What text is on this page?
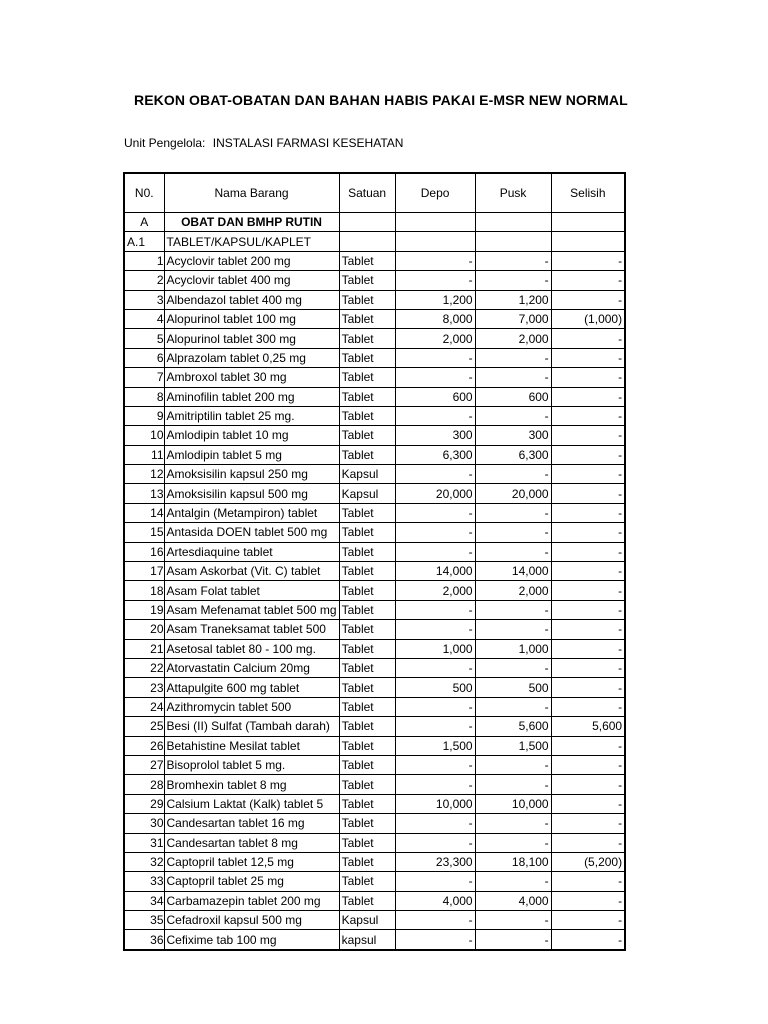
REKON OBAT-OBATAN DAN BAHAN HABIS PAKAI E-MSR NEW NORMAL
Unit Pengelola: INSTALASI FARMASI KESEHATAN
N0.	Nama Barang	Satuan	Depo	Pusk	Selisih
A	OBAT DAN BMHP RUTIN				
A.1	TABLET/KAPSUL/KAPLET				
1	Acyclovir tablet 200 mg	Tablet	-	-	-
2	Acyclovir tablet 400 mg	Tablet	-	-	-
3	Albendazol tablet 400 mg	Tablet	1,200	1,200	-
4	Alopurinol tablet 100 mg	Tablet	8,000	7,000	(1,000)
5	Alopurinol tablet 300 mg	Tablet	2,000	2,000	-
6	Alprazolam tablet 0,25 mg	Tablet	-	-	-
7	Ambroxol tablet 30 mg	Tablet	-	-	-
8	Aminofilin tablet 200 mg	Tablet	600	600	-
9	Amitriptilin tablet 25 mg.	Tablet	-	-	-
10	Amlodipin tablet 10 mg	Tablet	300	300	-
11	Amlodipin tablet 5 mg	Tablet	6,300	6,300	-
12	Amoksisilin kapsul 250 mg	Kapsul	-	-	-
13	Amoksisilin kapsul 500 mg	Kapsul	20,000	20,000	-
14	Antalgin (Metampiron) tablet	Tablet	-	-	-
15	Antasida DOEN tablet 500 mg	Tablet	-	-	-
16	Artesdiaquine tablet	Tablet	-	-	-
17	Asam Askorbat (Vit. C) tablet	Tablet	14,000	14,000	-
18	Asam Folat tablet	Tablet	2,000	2,000	-
19	Asam Mefenamat tablet 500 mg	Tablet	-	-	-
20	Asam Traneksamat tablet 500	Tablet	-	-	-
21	Asetosal tablet 80 - 100 mg.	Tablet	1,000	1,000	-
22	Atorvastatin Calcium 20mg	Tablet	-	-	-
23	Attapulgite 600 mg tablet	Tablet	500	500	-
24	Azithromycin tablet 500	Tablet	-	-	-
25	Besi (II) Sulfat (Tambah darah)	Tablet	-	5,600	5,600
26	Betahistine Mesilat tablet	Tablet	1,500	1,500	-
27	Bisoprolol tablet 5 mg.	Tablet	-	-	-
28	Bromhexin tablet 8 mg	Tablet	-	-	-
29	Calsium Laktat (Kalk) tablet 5	Tablet	10,000	10,000	-
30	Candesartan tablet 16 mg	Tablet	-	-	-
31	Candesartan tablet 8 mg	Tablet	-	-	-
32	Captopril tablet 12,5 mg	Tablet	23,300	18,100	(5,200)
33	Captopril tablet 25 mg	Tablet	-	-	-
34	Carbamazepin tablet 200 mg	Tablet	4,000	4,000	-
35	Cefadroxil kapsul 500 mg	Kapsul	-	-	-
36	Cefixime tab 100 mg	kapsul	-	-	-
